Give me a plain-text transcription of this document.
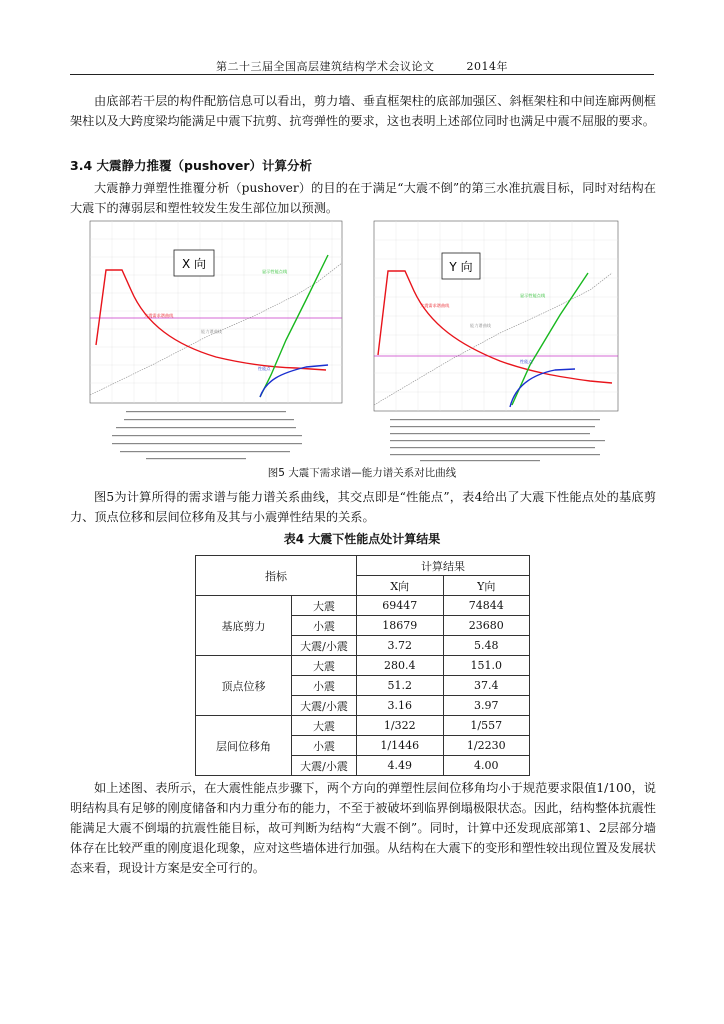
第二十三届全国高层建筑结构学术会议论文	2014年
由底部若干层的构件配筋信息可以看出，剪力墙、垂直框架柱的底部加强区、斜框架柱和中间连廊两侧框架柱以及大跨度梁均能满足中震下抗剪、抗弯弹性的要求，这也表明上述部位同时也满足中震不屈服的要求。
3.4 大震静力推覆（pushover）计算分析
大震静力弹塑性推覆分析（pushover）的目的在于满足“大震不倒”的第三水准抗震目标，同时对结构在大震下的薄弱层和塑性较发生发生部位加以预测。
X 向
大震需求谱曲线
能力谱曲线
显示性能点线
性能点
Y 向
大震需求谱曲线
能力谱曲线
显示性能点线
性能点
图5 大震下需求谱—能力谱关系对比曲线
图5为计算所得的需求谱与能力谱关系曲线，其交点即是“性能点”，表4给出了大震下性能点处的基底剪力、顶点位移和层间位移角及其与小震弹性结果的关系。
表4 大震下性能点处计算结果
指标		计算结果	
		X向	Y向
基底剪力	大震	69447	74844
	小震	18679	23680
	大震/小震	3.72	5.48
顶点位移	大震	280.4	151.0
	小震	51.2	37.4
	大震/小震	3.16	3.97
层间位移角	大震	1/322	1/557
	小震	1/1446	1/2230
	大震/小震	4.49	4.00
如上述图、表所示，在大震性能点步骤下，两个方向的弹塑性层间位移角均小于规范要求限值1/100，说明结构具有足够的刚度储备和内力重分布的能力，不至于被破坏到临界倒塌极限状态。因此，结构整体抗震性能满足大震不倒塌的抗震性能目标，故可判断为结构“大震不倒”。同时，计算中还发现底部第1、2层部分墙体存在比较严重的刚度退化现象，应对这些墙体进行加强。从结构在大震下的变形和塑性较出现位置及发展状态来看，现设计方案是安全可行的。
